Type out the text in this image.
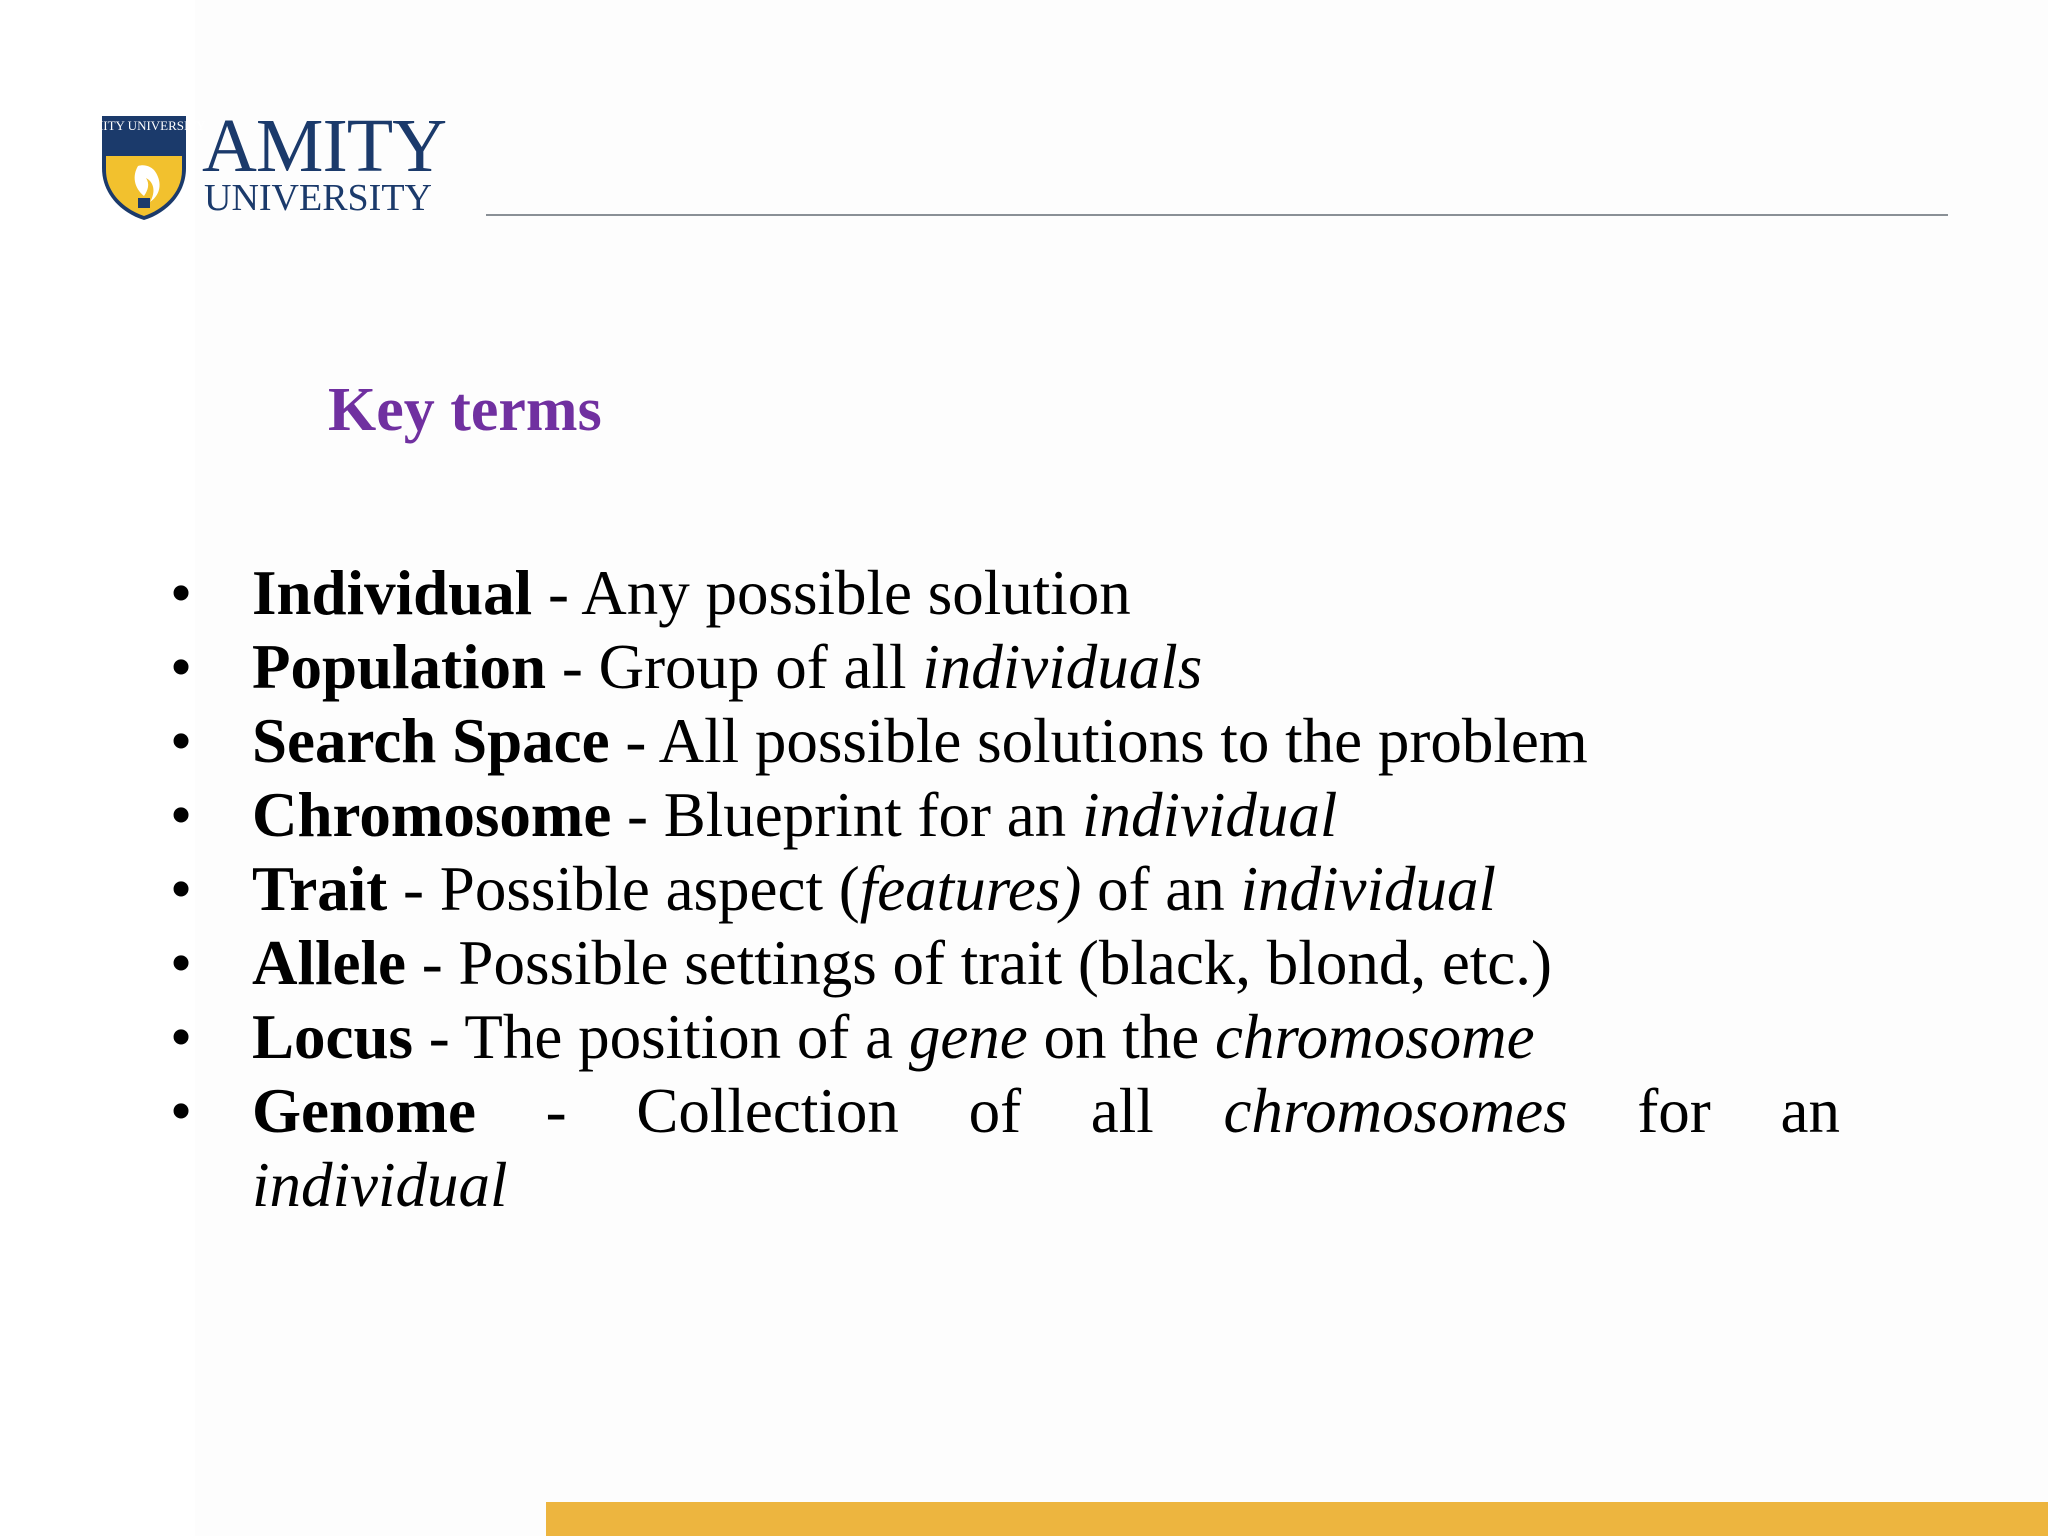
AMITY UNIVERSITY
AMITY
UNIVERSITY
Key terms
• Individual - Any possible solution
• Population - Group of all individuals
• Search Space - All possible solutions to the problem
• Chromosome - Blueprint for an individual
• Trait - Possible aspect (features) of an individual
• Allele - Possible settings of trait (black, blond, etc.)
• Locus - The position of a gene on the chromosome
• Genome - Collection of all chromosomes for an
individual
